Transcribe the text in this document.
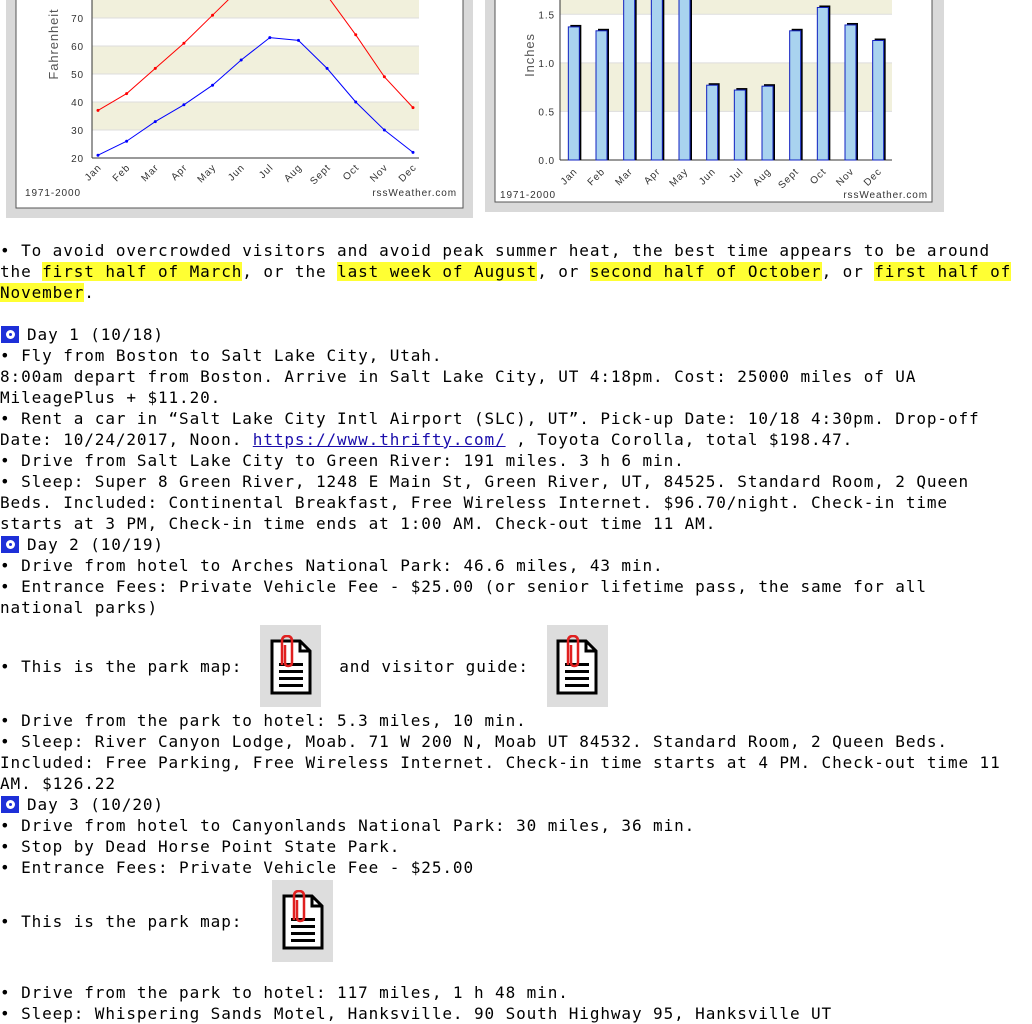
20
30
40
50
60
70
Fahrenheit
Jan Feb Mar Apr May Jun Jul Aug Sept Oct Nov Dec
1971-2000	rssWeather.com
0.0
0.5
1.0
1.5
Inches
Jan Feb Mar Apr May Jun Jul Aug Sept Oct Nov Dec
1971-2000	rssWeather.com
• To avoid overcrowded visitors and avoid peak summer heat, the best time appears to be around the first half of March, or the last week of August, or second half of October, or first half of November.
Day 1 (10/18)
• Fly from Boston to Salt Lake City, Utah.
8:00am depart from Boston. Arrive in Salt Lake City, UT 4:18pm. Cost: 25000 miles of UA MileagePlus + $11.20.
• Rent a car in “Salt Lake City Intl Airport (SLC), UT”. Pick-up Date: 10/18 4:30pm. Drop-off Date: 10/24/2017, Noon. https://www.thrifty.com/ , Toyota Corolla, total $198.47.
• Drive from Salt Lake City to Green River: 191 miles. 3 h 6 min.
• Sleep: Super 8 Green River, 1248 E Main St, Green River, UT, 84525. Standard Room, 2 Queen Beds. Included: Continental Breakfast, Free Wireless Internet. $96.70/night. Check-in time starts at 3 PM, Check-in time ends at 1:00 AM. Check-out time 11 AM.
Day 2 (10/19)
• Drive from hotel to Arches National Park: 46.6 miles, 43 min.
• Entrance Fees: Private Vehicle Fee - $25.00 (or senior lifetime pass, the same for all national parks)
• This is the park map:	and visitor guide:
• Drive from the park to hotel: 5.3 miles, 10 min.
• Sleep: River Canyon Lodge, Moab. 71 W 200 N, Moab UT 84532. Standard Room, 2 Queen Beds. Included: Free Parking, Free Wireless Internet. Check-in time starts at 4 PM. Check-out time 11 AM. $126.22
Day 3 (10/20)
• Drive from hotel to Canyonlands National Park: 30 miles, 36 min.
• Stop by Dead Horse Point State Park.
• Entrance Fees: Private Vehicle Fee - $25.00
• This is the park map:
• Drive from the park to hotel: 117 miles, 1 h 48 min.
• Sleep: Whispering Sands Motel, Hanksville. 90 South Highway 95, Hanksville UT
